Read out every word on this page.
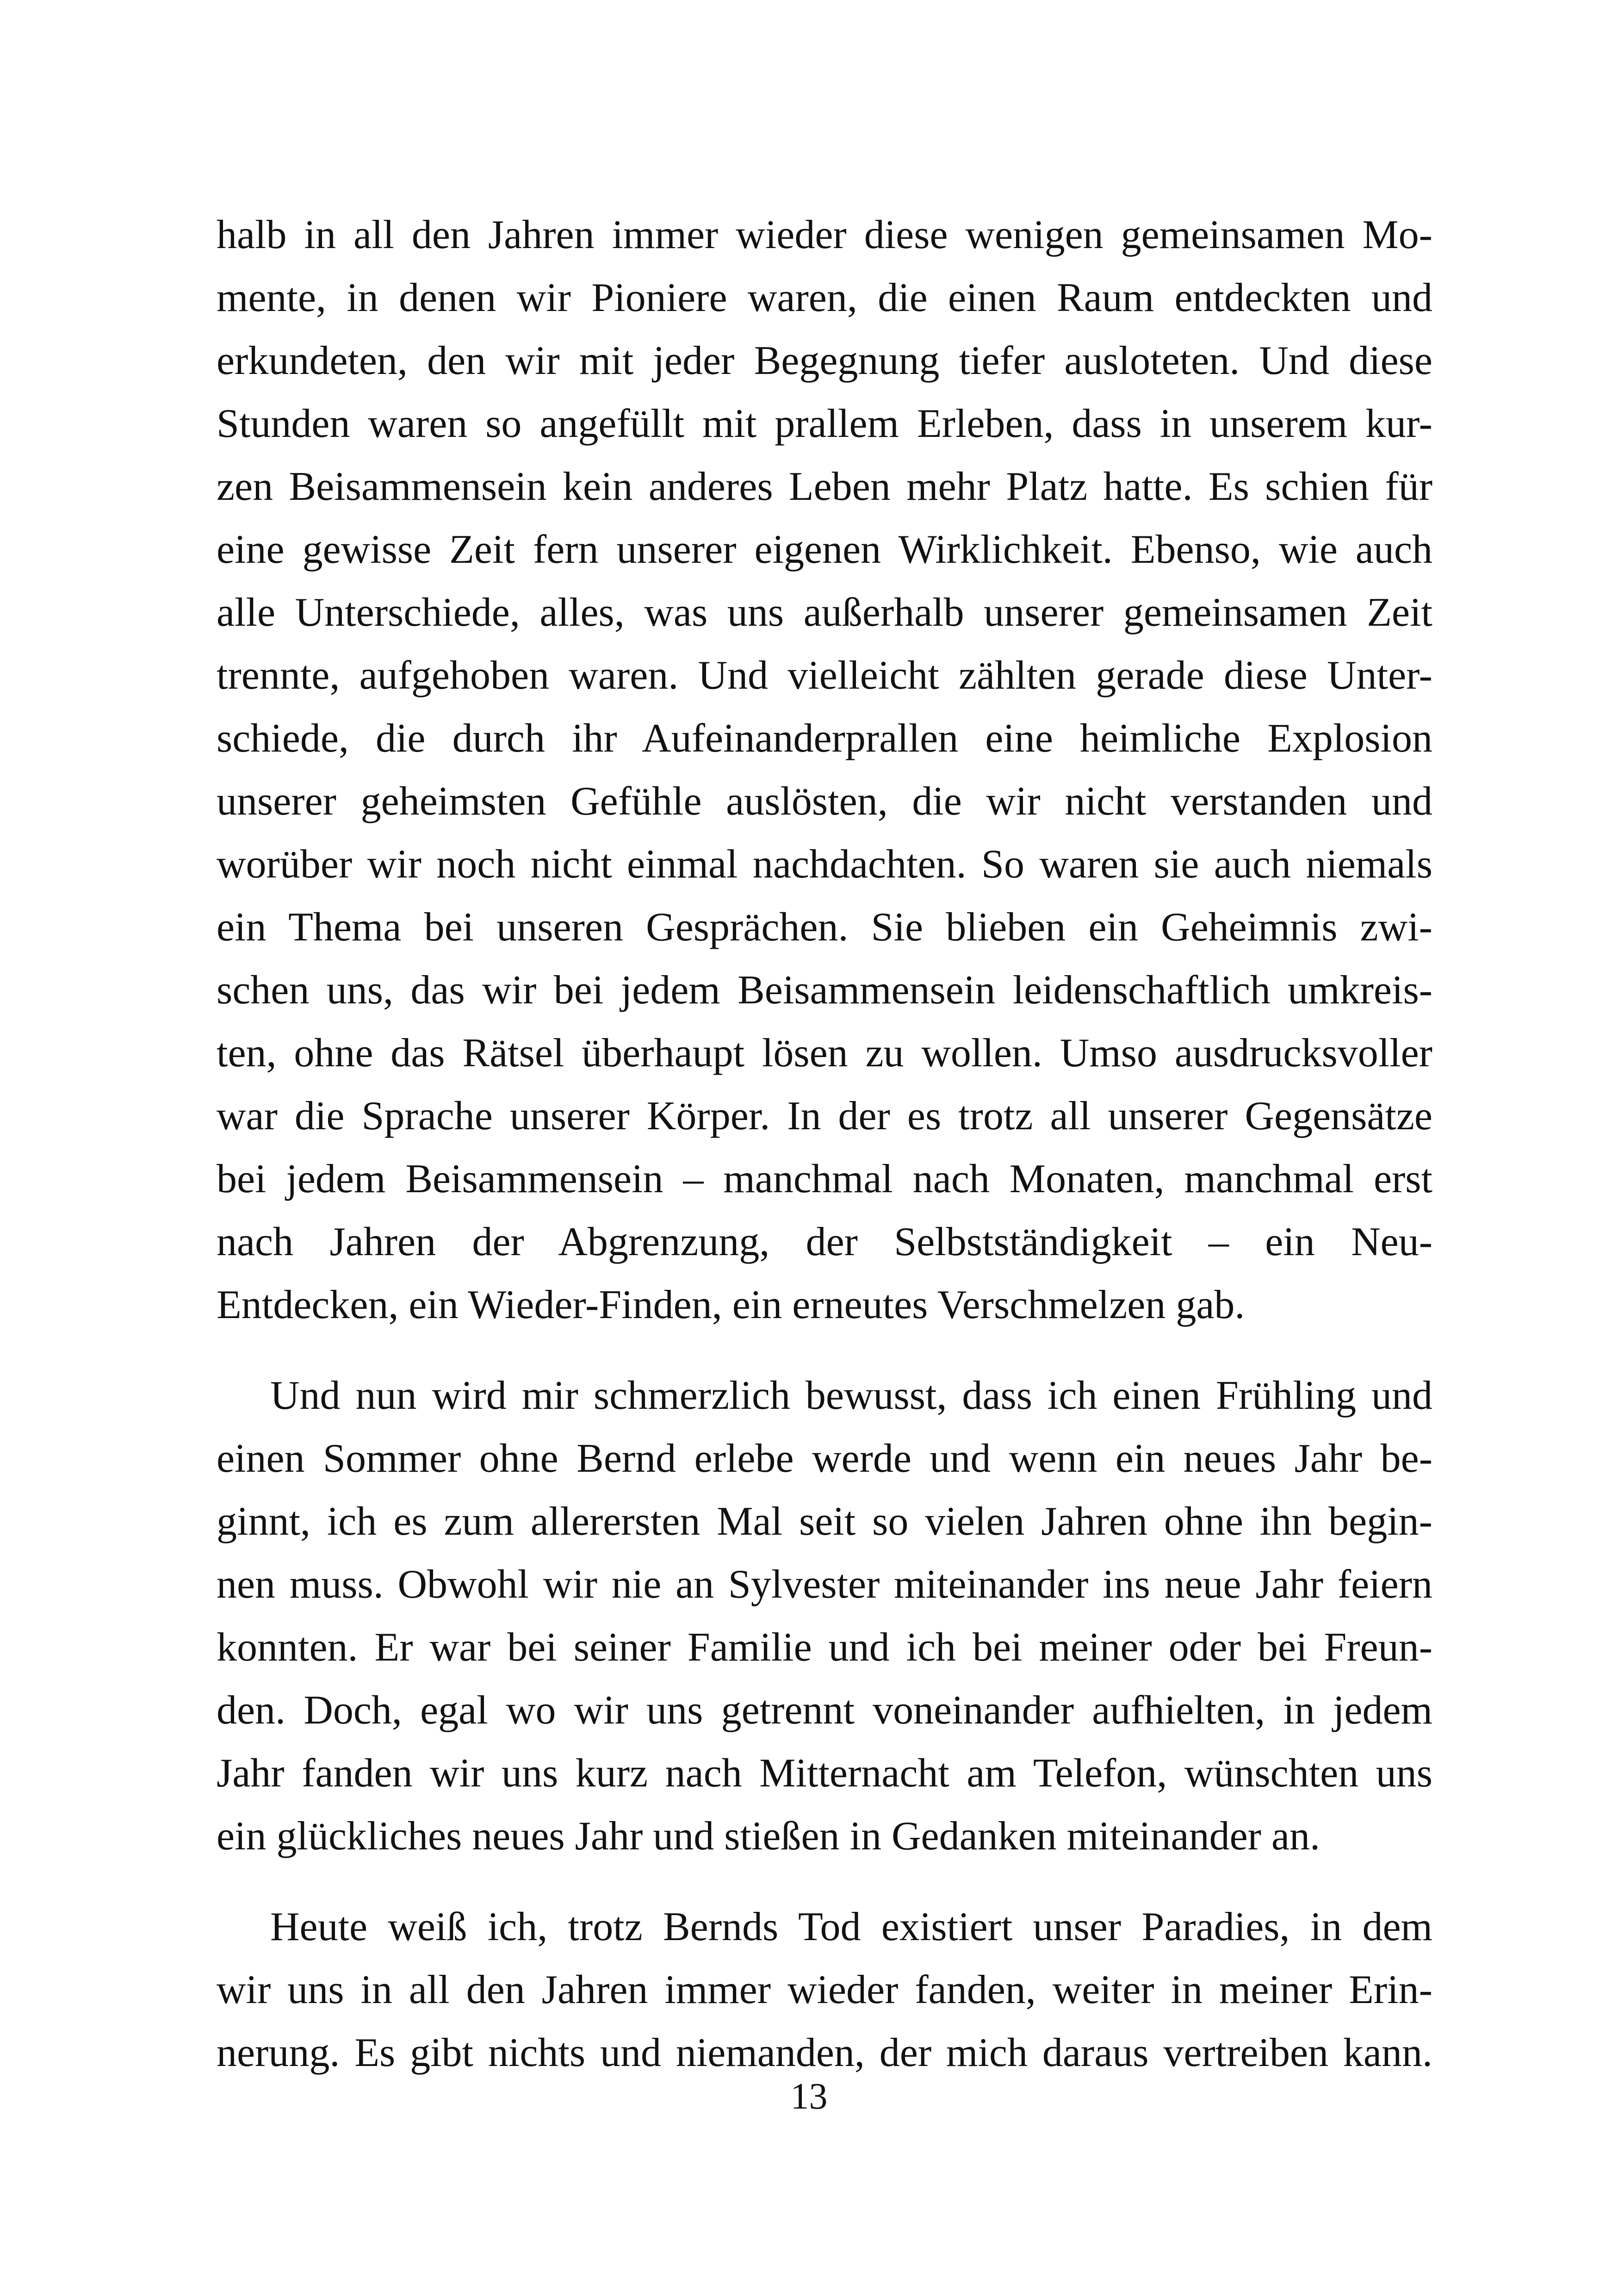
halb in all den Jahren immer wieder diese wenigen gemeinsamen Mo-
mente, in denen wir Pioniere waren, die einen Raum entdeckten und
erkundeten, den wir mit jeder Begegnung tiefer ausloteten. Und diese
Stunden waren so angefüllt mit prallem Erleben, dass in unserem kur-
zen Beisammensein kein anderes Leben mehr Platz hatte. Es schien für
eine gewisse Zeit fern unserer eigenen Wirklichkeit. Ebenso, wie auch
alle Unterschiede, alles, was uns außerhalb unserer gemeinsamen Zeit
trennte, aufgehoben waren. Und vielleicht zählten gerade diese Unter-
schiede, die durch ihr Aufeinanderprallen eine heimliche Explosion
unserer geheimsten Gefühle auslösten, die wir nicht verstanden und
worüber wir noch nicht einmal nachdachten. So waren sie auch niemals
ein Thema bei unseren Gesprächen. Sie blieben ein Geheimnis zwi-
schen uns, das wir bei jedem Beisammensein leidenschaftlich umkreis-
ten, ohne das Rätsel überhaupt lösen zu wollen. Umso ausdrucksvoller
war die Sprache unserer Körper. In der es trotz all unserer Gegensätze
bei jedem Beisammensein – manchmal nach Monaten, manchmal erst
nach Jahren der Abgrenzung, der Selbstständigkeit – ein Neu-
Entdecken, ein Wieder-Finden, ein erneutes Verschmelzen gab.
Und nun wird mir schmerzlich bewusst, dass ich einen Frühling und
einen Sommer ohne Bernd erlebe werde und wenn ein neues Jahr be-
ginnt, ich es zum allerersten Mal seit so vielen Jahren ohne ihn begin-
nen muss. Obwohl wir nie an Sylvester miteinander ins neue Jahr feiern
konnten. Er war bei seiner Familie und ich bei meiner oder bei Freun-
den. Doch, egal wo wir uns getrennt voneinander aufhielten, in jedem
Jahr fanden wir uns kurz nach Mitternacht am Telefon, wünschten uns
ein glückliches neues Jahr und stießen in Gedanken miteinander an.
Heute weiß ich, trotz Bernds Tod existiert unser Paradies, in dem
wir uns in all den Jahren immer wieder fanden, weiter in meiner Erin-
nerung. Es gibt nichts und niemanden, der mich daraus vertreiben kann.
13
